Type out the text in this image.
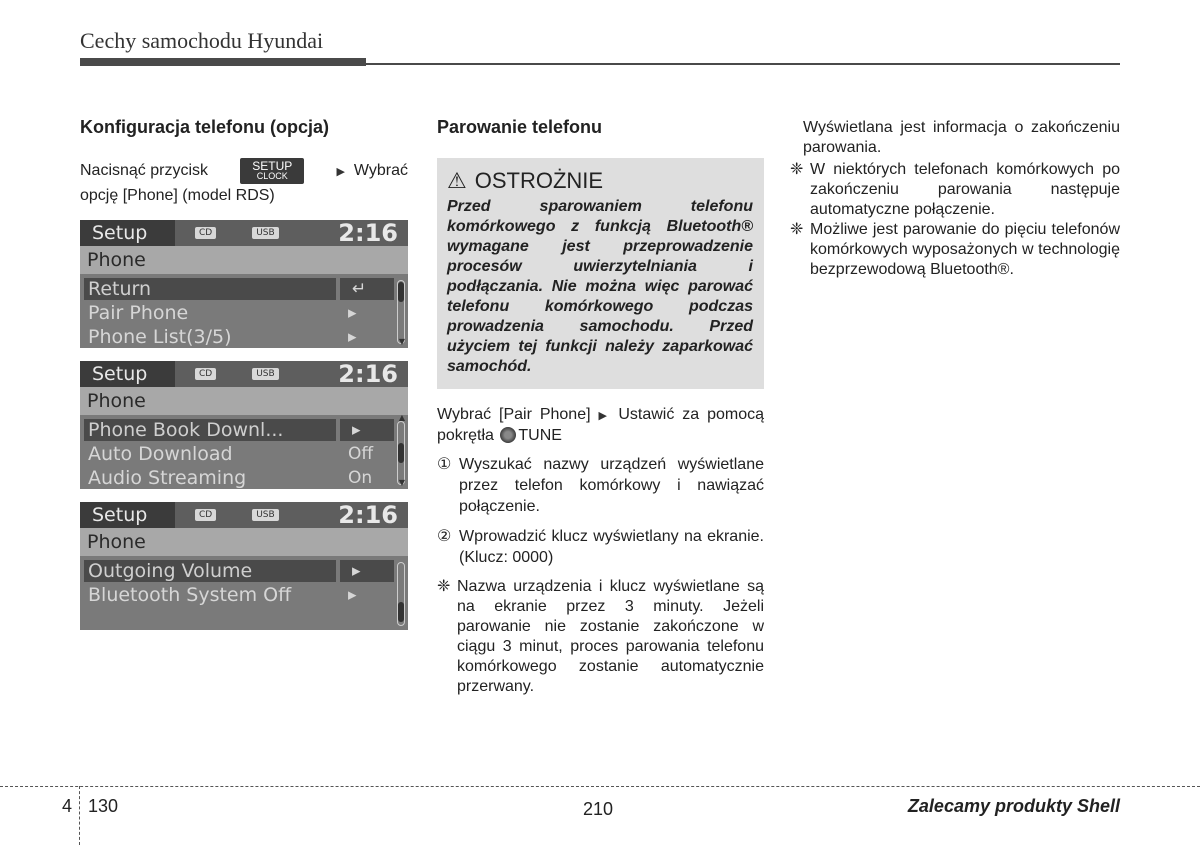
Cechy samochodu Hyundai
Konfiguracja telefonu (opcja)
Nacisnąć przycisk	SETUP
CLOCK	▶ Wybrać
opcję [Phone] (model RDS)
Setup	CD	USB	2:16
Phone
Return	↵
Pair Phone	▸
Phone List(3/5)	▸	▼
Setup	CD	USB	2:16
Phone
Phone Book Downl...	▸
Auto Download	Off
Audio Streaming	On
▲
▼
Setup	CD	USB	2:16
Phone
Outgoing Volume	▸
Bluetooth System Off	▸
Parowanie telefonu
⚠ OSTROŻNIE
Przed sparowaniem telefonu komórkowego z funkcją Bluetooth® wymagane jest przeprowadzenie procesów uwierzytelniania i podłączania. Nie można więc parować telefonu komórkowego podczas prowadzenia samochodu. Przed użyciem tej funkcji należy zaparkować samochód.
Wybrać [Pair Phone] ▶ Ustawić za pomocą pokrętła TUNE
① Wyszukać nazwy urządzeń wyświetlane przez telefon komórkowy i nawiązać połączenie.
② Wprowadzić klucz wyświetlany na ekranie. (Klucz: 0000)
❈ Nazwa urządzenia i klucz wyświetlane są na ekranie przez 3 minuty. Jeżeli parowanie nie zostanie zakończone w ciągu 3 minut, proces parowania telefonu komórkowego zostanie automatycznie przerwany.
Wyświetlana jest informacja o zakończeniu parowania.
❈ W niektórych telefonach komórkowych po zakończeniu parowania następuje automatyczne połączenie.
❈ Możliwe jest parowanie do pięciu telefonów komórkowych wyposażonych w technologię bezprzewodową Bluetooth®.
4 130	210	Zalecamy produkty Shell
